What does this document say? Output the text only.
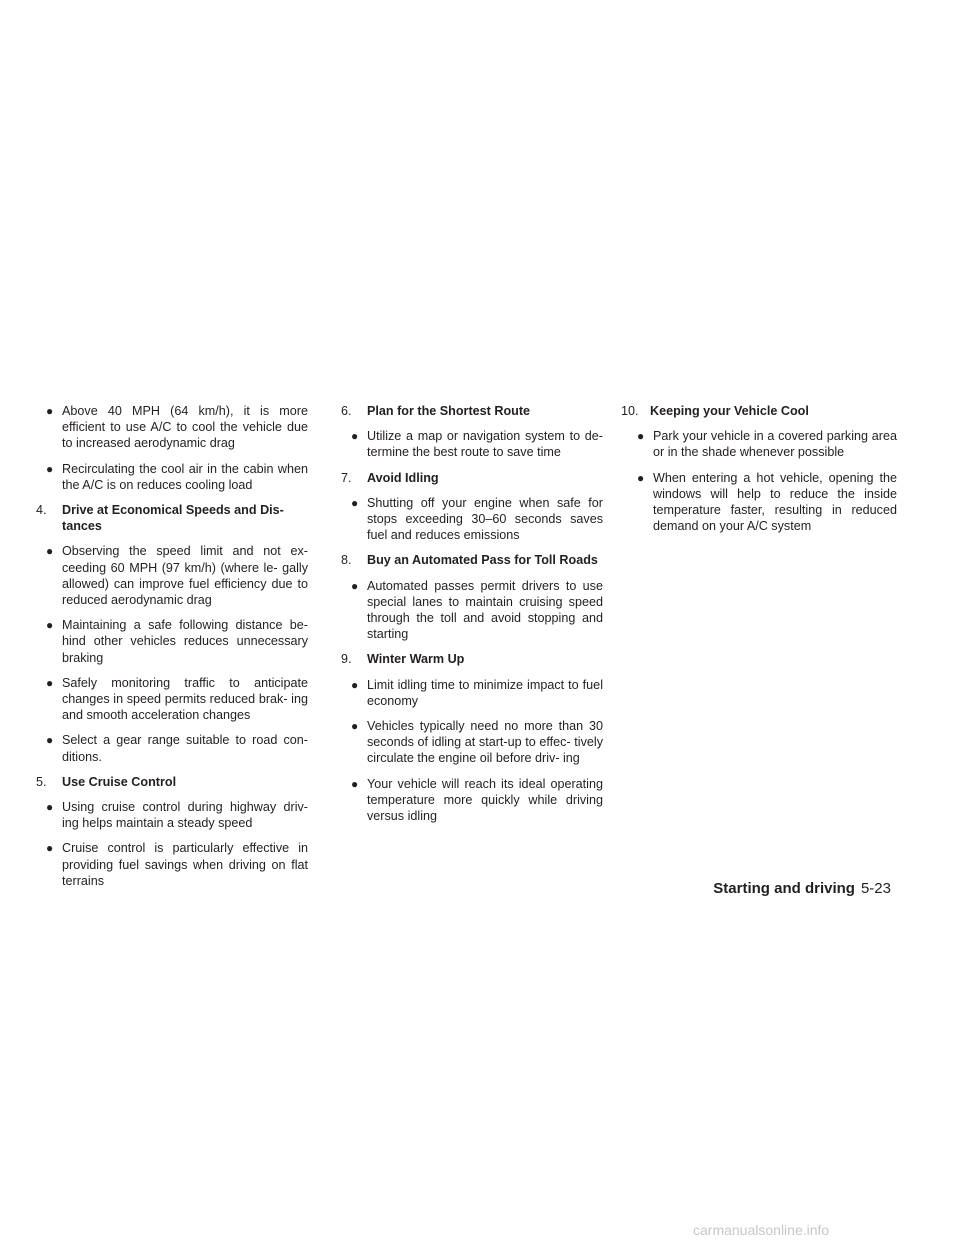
● Above 40 MPH (64 km/h), it is more efficient to use A/C to cool the vehicle due to increased aerodynamic drag
● Recirculating the cool air in the cabin when the A/C is on reduces cooling load
4. Drive at Economical Speeds and Dis- tances
● Observing the speed limit and not ex- ceeding 60 MPH (97 km/h) (where le- gally allowed) can improve fuel efficiency due to reduced aerodynamic drag
● Maintaining a safe following distance be- hind other vehicles reduces unnecessary braking
● Safely monitoring traffic to anticipate changes in speed permits reduced brak- ing and smooth acceleration changes
● Select a gear range suitable to road con- ditions.
5. Use Cruise Control
● Using cruise control during highway driv- ing helps maintain a steady speed
● Cruise control is particularly effective in providing fuel savings when driving on flat terrains
6. Plan for the Shortest Route
● Utilize a map or navigation system to de- termine the best route to save time
7. Avoid Idling
● Shutting off your engine when safe for stops exceeding 30–60 seconds saves fuel and reduces emissions
8. Buy an Automated Pass for Toll Roads
● Automated passes permit drivers to use special lanes to maintain cruising speed through the toll and avoid stopping and starting
9. Winter Warm Up
● Limit idling time to minimize impact to fuel economy
● Vehicles typically need no more than 30 seconds of idling at start-up to effec- tively circulate the engine oil before driv- ing
● Your vehicle will reach its ideal operating temperature more quickly while driving versus idling
10. Keeping your Vehicle Cool
● Park your vehicle in a covered parking area or in the shade whenever possible
● When entering a hot vehicle, opening the windows will help to reduce the inside temperature faster, resulting in reduced demand on your A/C system
Starting and driving 5-23
carmanualsonline.info
